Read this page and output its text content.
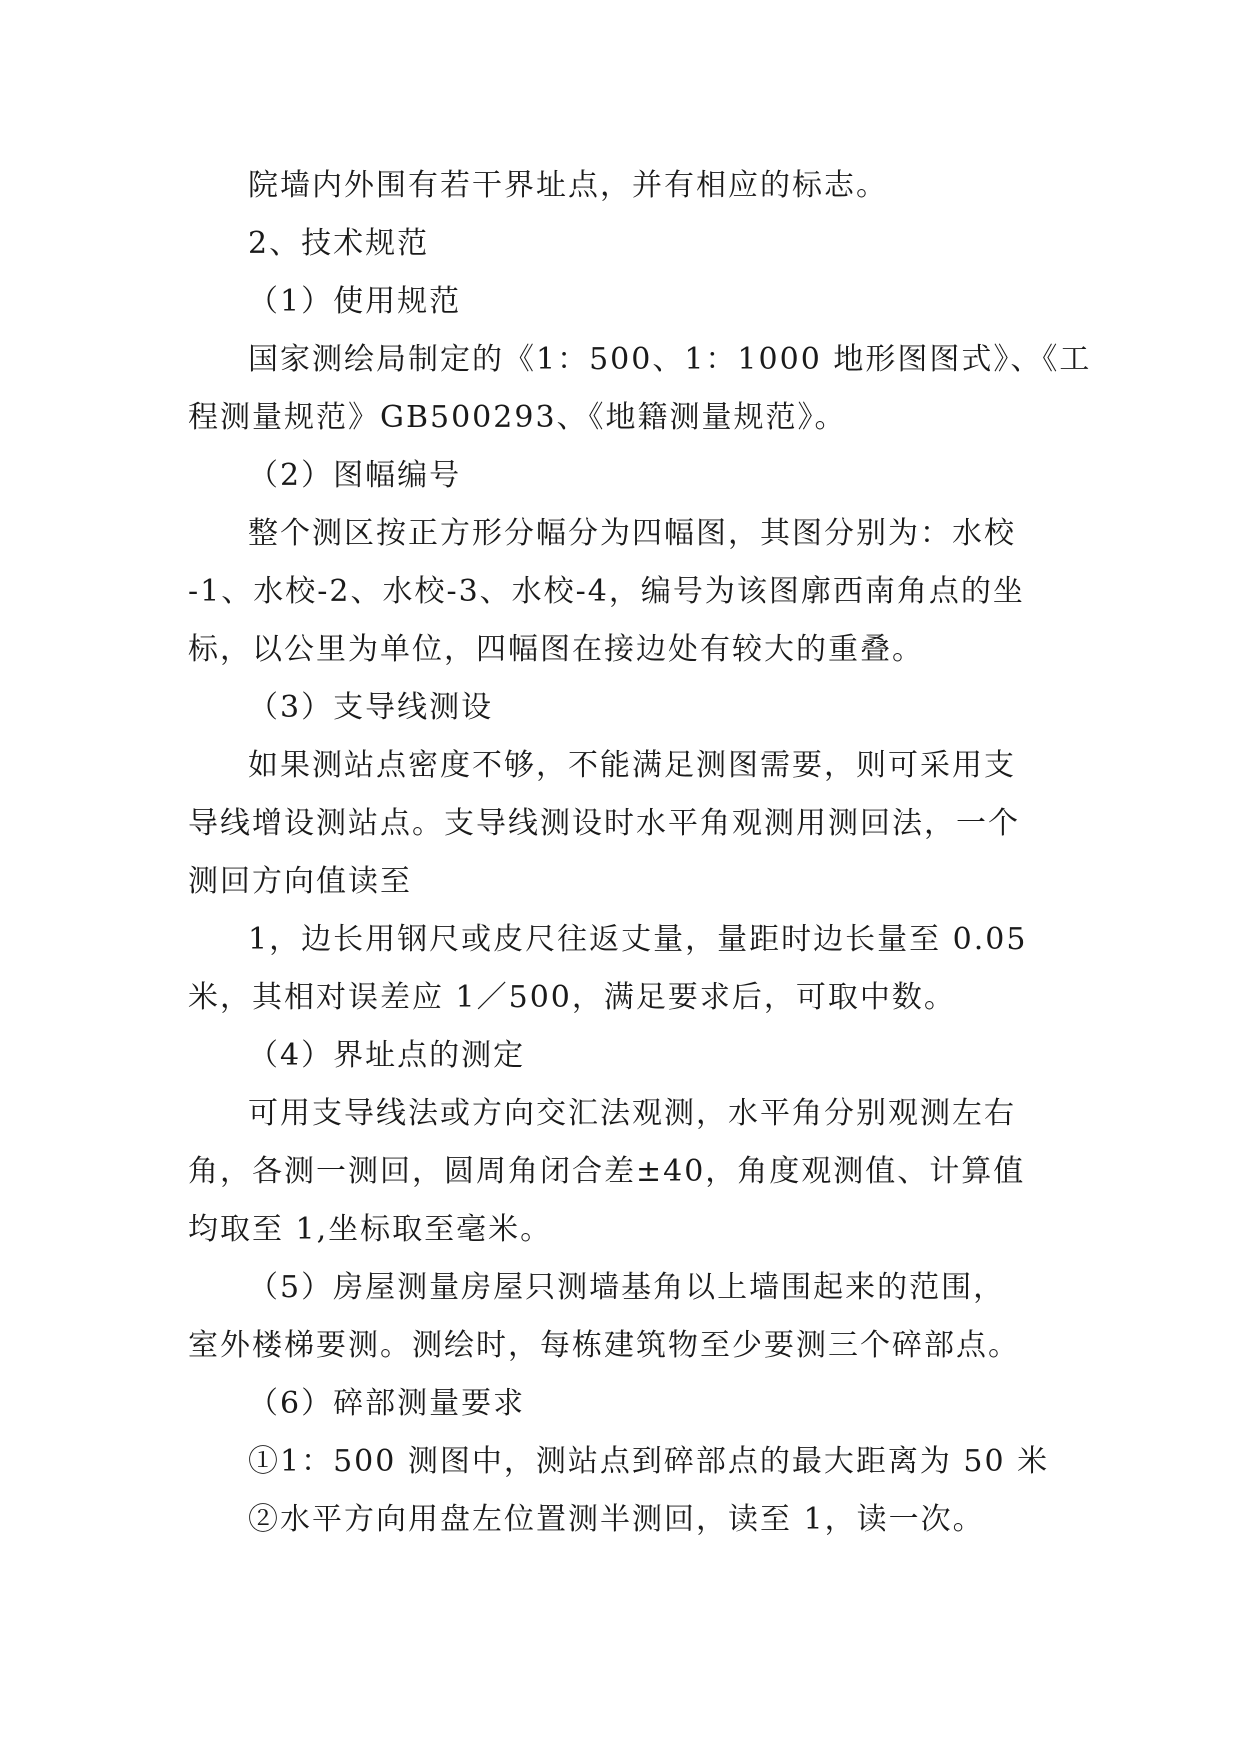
院墙内外围有若干界址点，并有相应的标志。
2、技术规范
（1）使用规范
国家测绘局制定的《1：500、1：1000 地形图图式》、《工
程测量规范》GB500293、《地籍测量规范》。
（2）图幅编号
整个测区按正方形分幅分为四幅图，其图分别为：水校
-1、水校-2、水校-3、水校-4，编号为该图廓西南角点的坐
标，以公里为单位，四幅图在接边处有较大的重叠。
（3）支导线测设
如果测站点密度不够，不能满足测图需要，则可采用支
导线增设测站点。支导线测设时水平角观测用测回法，一个
测回方向值读至
1，边长用钢尺或皮尺往返丈量，量距时边长量至 0.05
米，其相对误差应 1／500，满足要求后，可取中数。
（4）界址点的测定
可用支导线法或方向交汇法观测，水平角分别观测左右
角，各测一测回，圆周角闭合差±40，角度观测值、计算值
均取至 1,坐标取至毫米。
（5）房屋测量房屋只测墙基角以上墙围起来的范围，
室外楼梯要测。测绘时，每栋建筑物至少要测三个碎部点。
（6）碎部测量要求
①1：500 测图中，测站点到碎部点的最大距离为 50 米
②水平方向用盘左位置测半测回，读至 1，读一次。
